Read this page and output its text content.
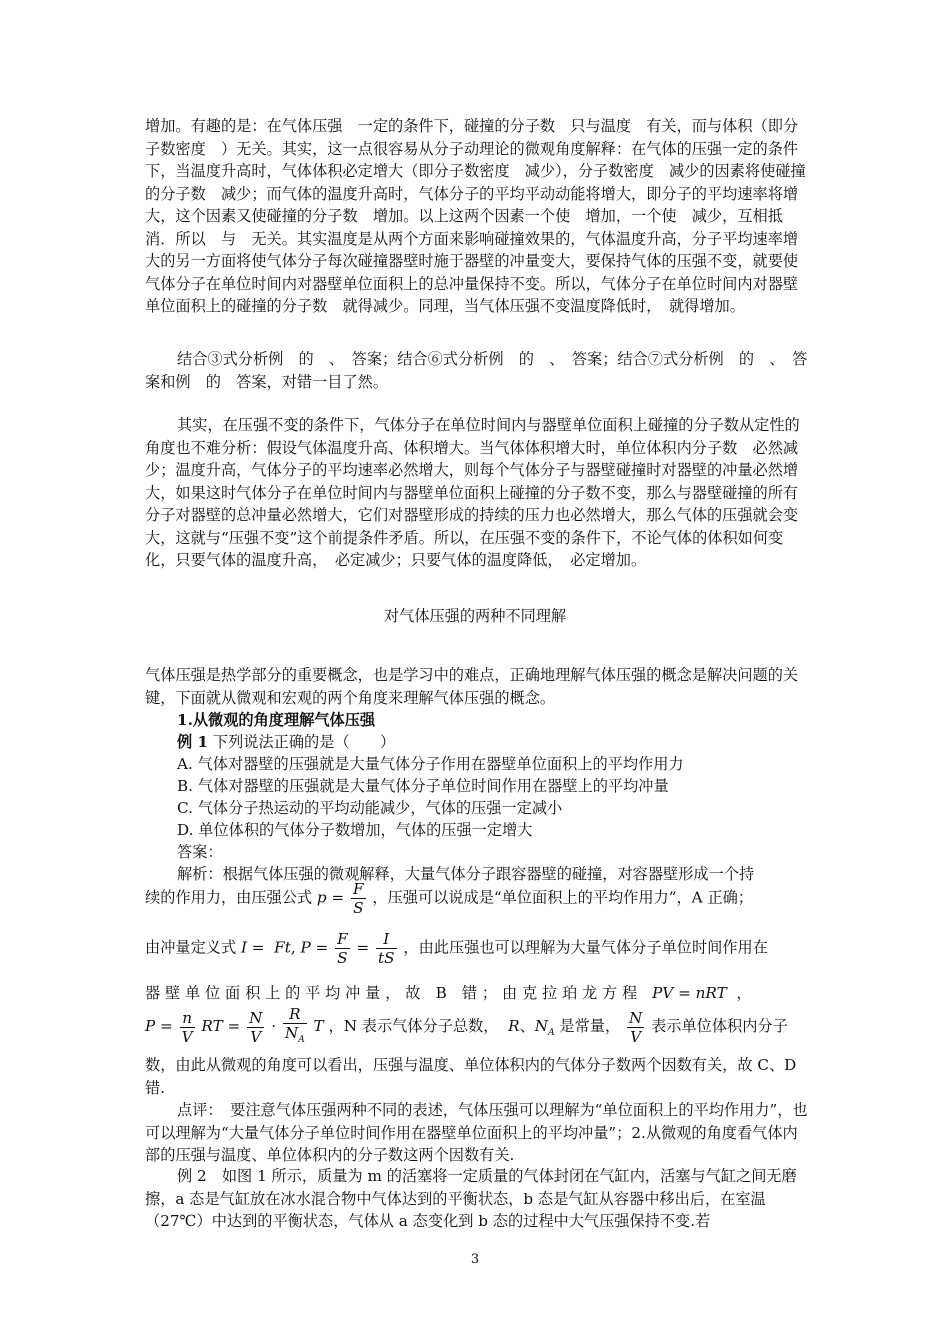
增加。有趣的是：在气体压强　一定的条件下，碰撞的分子数　只与温度　有关，而与体积（即分子数密度　）无关。其实，这一点很容易从分子动理论的微观角度解释：在气体的压强一定的条件下，当温度升高时，气体体积必定增大（即分子数密度　减少），分子数密度　减少的因素将使碰撞的分子数　减少；而气体的温度升高时，气体分子的平均平动动能将增大，即分子的平均速率将增大，这个因素又使碰撞的分子数　增加。以上这两个因素一个使　增加，一个使　减少，互相抵消．所以　与　无关。其实温度是从两个方面来影响碰撞效果的，气体温度升高，分子平均速率增大的另一方面将使气体分子每次碰撞器壁时施于器壁的冲量变大，要保持气体的压强不变，就要使气体分子在单位时间内对器壁单位面积上的总冲量保持不变。所以，气体分子在单位时间内对器壁单位面积上的碰撞的分子数　就得减少。同理，当气体压强不变温度降低时，　就得增加。

结合③式分析例　的　、　答案；结合⑥式分析例　的　、　答案；结合⑦式分析例　的　、　答案和例　的　答案，对错一目了然。

其实，在压强不变的条件下，气体分子在单位时间内与器壁单位面积上碰撞的分子数从定性的角度也不难分析：假设气体温度升高、体积增大。当气体体积增大时，单位体积内分子数　必然减少；温度升高，气体分子的平均速率必然增大，则每个气体分子与器壁碰撞时对器壁的冲量必然增大，如果这时气体分子在单位时间内与器壁单位面积上碰撞的分子数不变，那么与器壁碰撞的所有分子对器壁的总冲量必然增大，它们对器壁形成的持续的压力也必然增大，那么气体的压强就会变大，这就与“压强不变”这个前提条件矛盾。所以，在压强不变的条件下，不论气体的体积如何变化，只要气体的温度升高，　必定减少；只要气体的温度降低，　必定增加。

对气体压强的两种不同理解

气体压强是热学部分的重要概念，也是学习中的难点，正确地理解气体压强的概念是解决问题的关键，下面就从微观和宏观的两个角度来理解气体压强的概念。

1.从微观的角度理解气体压强
例 1 下列说法正确的是（　　）
A. 气体对器壁的压强就是大量气体分子作用在器壁单位面积上的平均作用力
B. 气体对器壁的压强就是大量气体分子单位时间作用在器壁上的平均冲量
C. 气体分子热运动的平均动能减少，气体的压强一定减小
D. 单位体积的气体分子数增加，气体的压强一定增大
答案：
解析：根据气体压强的微观解释，大量气体分子跟容器壁的碰撞，对容器壁形成一个持
续的作用力，由压强公式 $p = \frac{F}{S}$ ，压强可以说成是“单位面积上的平均作用力”，A 正确；
由冲量定义式 I =  Ft, $P = \frac{F}{S} = \frac{I}{tS}$ ，由此压强也可以理解为大量气体分子单位时间作用在
器 壁 单 位 面 积 上 的 平 均 冲 量 ， 故　B　错 ； 由 克 拉 珀 龙 方 程 PV = nRT  ，
$P = \frac{n}{V}$ RT = $\frac{N}{V} \cdot \frac{R}{N_A}$ T ，N 表示气体分子总数， R、$N_A$ 是常量， $\frac{N}{V}$ 表示单位体积内分子

数，由此从微观的角度可以看出，压强与温度、单位体积内的气体分子数两个因数有关，故 C、D 错.

点评：　要注意气体压强两种不同的表述，气体压强可以理解为“单位面积上的平均作用力”，也可以理解为“大量气体分子单位时间作用在器壁单位面积上的平均冲量”；2.从微观的角度看气体内部的压强与温度、单位体积内的分子数这两个因数有关.

例 2　如图 1 所示，质量为 m 的活塞将一定质量的气体封闭在气缸内，活塞与气缸之间无磨擦，a 态是气缸放在冰水混合物中气体达到的平衡状态，b 态是气缸从容器中移出后，在室温（27℃）中达到的平衡状态，气体从 a 态变化到 b 态的过程中大气压强保持不变.若

3
